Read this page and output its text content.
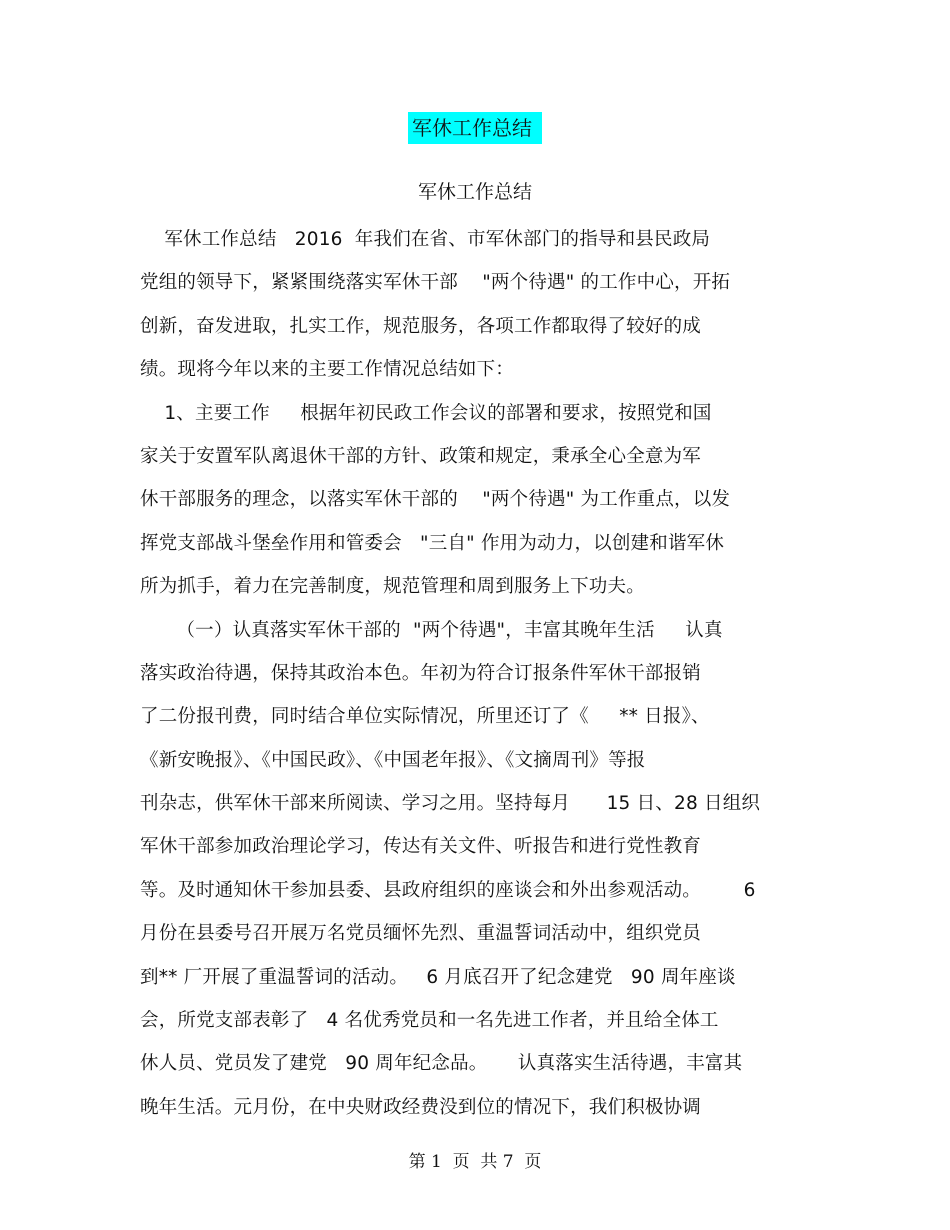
军休工作总结
军休工作总结
军休工作总结   2016  年我们在省、市军休部门的指导和县民政局
党组的领导下，紧紧围绕落实军休干部    "两个待遇" 的工作中心，开拓
创新，奋发进取，扎实工作，规范服务，各项工作都取得了较好的成
绩。现将今年以来的主要工作情况总结如下：
1、主要工作     根据年初民政工作会议的部署和要求，按照党和国
家关于安置军队离退休干部的方针、政策和规定，秉承全心全意为军
休干部服务的理念，以落实军休干部的    "两个待遇" 为工作重点，以发
挥党支部战斗堡垒作用和管委会   "三自" 作用为动力，以创建和谐军休
所为抓手，着力在完善制度，规范管理和周到服务上下功夫。
（一）认真落实军休干部的  "两个待遇"，丰富其晚年生活     认真
落实政治待遇，保持其政治本色。年初为符合订报条件军休干部报销
了二份报刊费，同时结合单位实际情况，所里还订了《     ** 日报》、
《新安晚报》、《中国民政》、《中国老年报》、《文摘周刊》等报
刊杂志，供军休干部来所阅读、学习之用。坚持每月      15 日、28 日组织
军休干部参加政治理论学习，传达有关文件、听报告和进行党性教育
等。及时通知休干参加县委、县政府组织的座谈会和外出参观活动。       6
月份在县委号召开展万名党员缅怀先烈、重温誓词活动中，组织党员
到** 厂开展了重温誓词的活动。   6 月底召开了纪念建党   90 周年座谈
会，所党支部表彰了   4 名优秀党员和一名先进工作者，并且给全体工
休人员、党员发了建党   90 周年纪念品。     认真落实生活待遇，丰富其
晚年生活。元月份，在中央财政经费没到位的情况下，我们积极协调
第 1  页  共 7  页
